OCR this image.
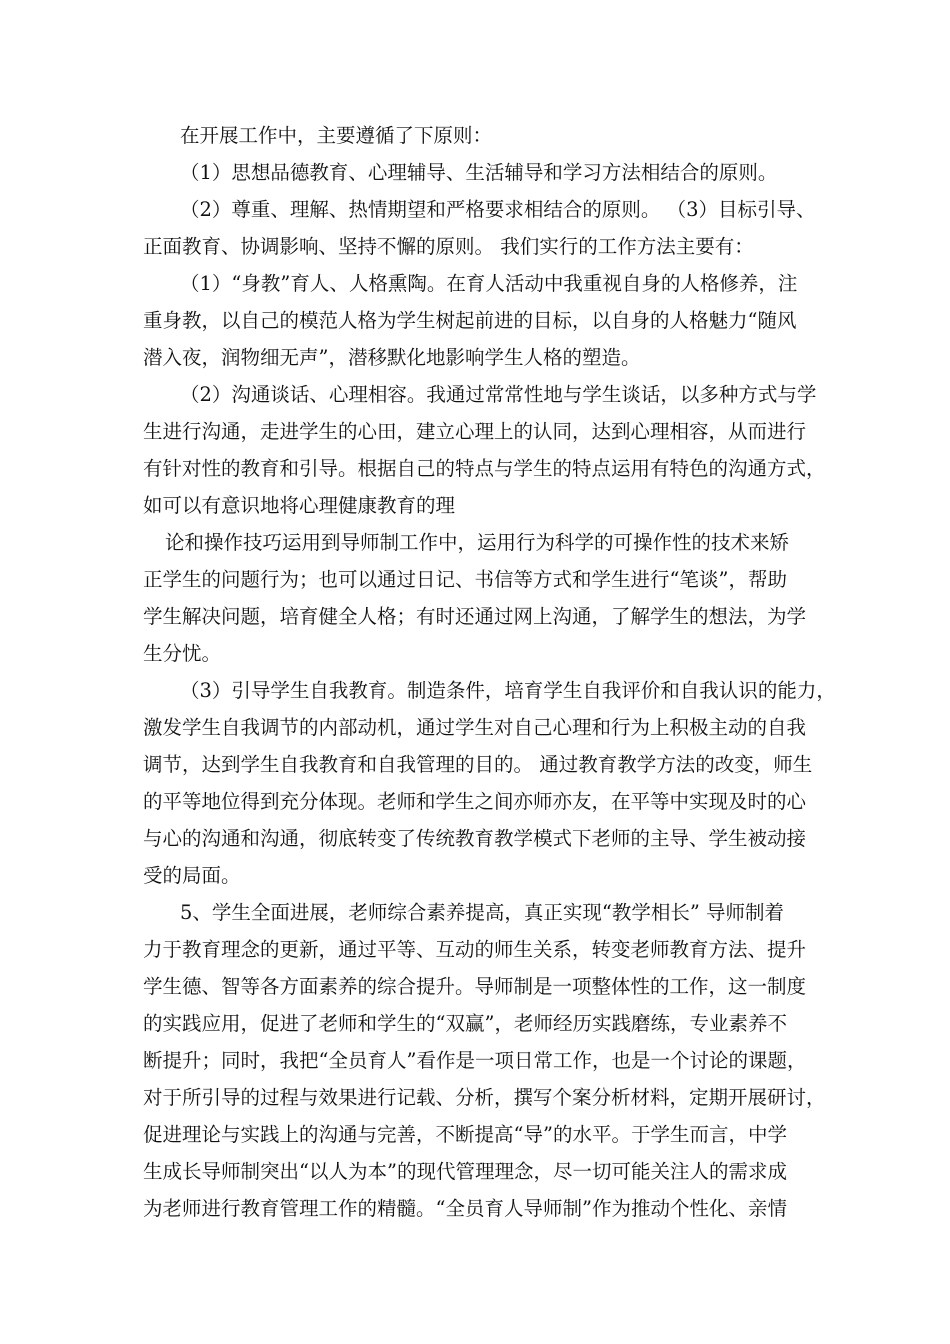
在开展工作中，主要遵循了下原则：
（1）思想品德教育、心理辅导、生活辅导和学习方法相结合的原则。
（2）尊重、理解、热情期望和严格要求相结合的原则。 （3）目标引导、
正面教育、协调影响、坚持不懈的原则。 我们实行的工作方法主要有：
（1）“身教”育人、人格熏陶。在育人活动中我重视自身的人格修养，注
重身教，以自己的模范人格为学生树起前进的目标，以自身的人格魅力“随风
潜入夜，润物细无声”，潜移默化地影响学生人格的塑造。
（2）沟通谈话、心理相容。我通过常常性地与学生谈话，以多种方式与学
生进行沟通，走进学生的心田，建立心理上的认同，达到心理相容，从而进行
有针对性的教育和引导。根据自己的特点与学生的特点运用有特色的沟通方式，
如可以有意识地将心理健康教育的理
论和操作技巧运用到导师制工作中，运用行为科学的可操作性的技术来矫
正学生的问题行为；也可以通过日记、书信等方式和学生进行“笔谈”，帮助
学生解决问题，培育健全人格；有时还通过网上沟通，了解学生的想法，为学
生分忧。
（3）引导学生自我教育。制造条件，培育学生自我评价和自我认识的能力，
激发学生自我调节的内部动机，通过学生对自己心理和行为上积极主动的自我
调节，达到学生自我教育和自我管理的目的。 通过教育教学方法的改变，师生
的平等地位得到充分体现。老师和学生之间亦师亦友，在平等中实现及时的心
与心的沟通和沟通，彻底转变了传统教育教学模式下老师的主导、学生被动接
受的局面。
5、学生全面进展，老师综合素养提高，真正实现“教学相长” 导师制着
力于教育理念的更新，通过平等、互动的师生关系，转变老师教育方法、提升
学生德、智等各方面素养的综合提升。导师制是一项整体性的工作，这一制度
的实践应用，促进了老师和学生的“双赢”，老师经历实践磨练，专业素养不
断提升；同时，我把“全员育人”看作是一项日常工作，也是一个讨论的课题，
对于所引导的过程与效果进行记载、分析，撰写个案分析材料，定期开展研讨，
促进理论与实践上的沟通与完善，不断提高“导”的水平。于学生而言，中学
生成长导师制突出“以人为本”的现代管理理念，尽一切可能关注人的需求成
为老师进行教育管理工作的精髓。“全员育人导师制”作为推动个性化、亲情
